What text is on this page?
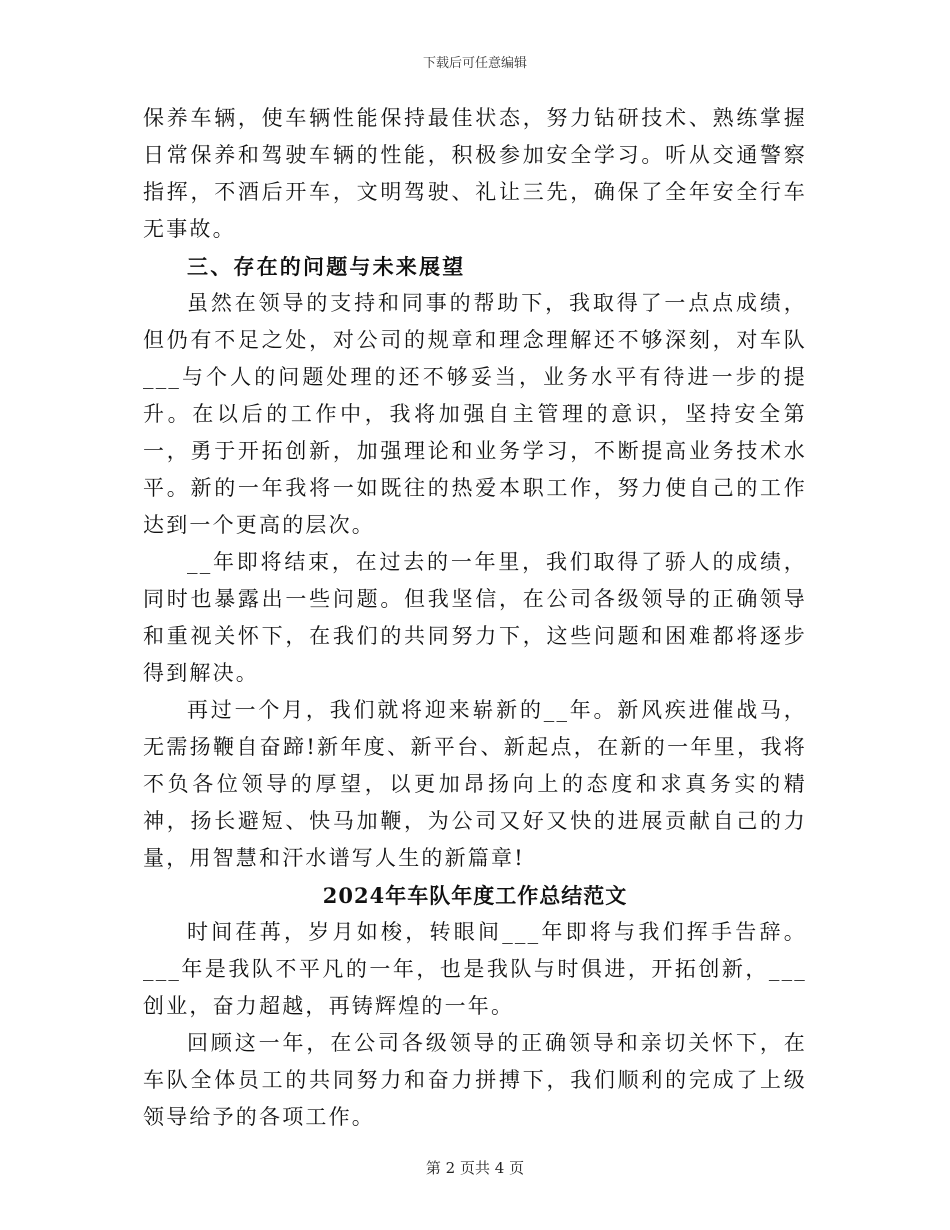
下载后可任意编辑

保养车辆，使车辆性能保持最佳状态，努力钻研技术、熟练掌握日常保养和驾驶车辆的性能，积极参加安全学习。听从交通警察指挥，不酒后开车，文明驾驶、礼让三先，确保了全年安全行车无事故。

三、存在的问题与未来展望

虽然在领导的支持和同事的帮助下，我取得了一点点成绩，但仍有不足之处，对公司的规章和理念理解还不够深刻，对车队___与个人的问题处理的还不够妥当，业务水平有待进一步的提升。在以后的工作中，我将加强自主管理的意识，坚持安全第一，勇于开拓创新，加强理论和业务学习，不断提高业务技术水平。新的一年我将一如既往的热爱本职工作，努力使自己的工作达到一个更高的层次。

__年即将结束，在过去的一年里，我们取得了骄人的成绩，同时也暴露出一些问题。但我坚信，在公司各级领导的正确领导和重视关怀下，在我们的共同努力下，这些问题和困难都将逐步得到解决。

再过一个月，我们就将迎来崭新的__年。新风疾进催战马，无需扬鞭自奋蹄!新年度、新平台、新起点，在新的一年里，我将不负各位领导的厚望，以更加昂扬向上的态度和求真务实的精神，扬长避短、快马加鞭，为公司又好又快的进展贡献自己的力量，用智慧和汗水谱写人生的新篇章!

2024年车队年度工作总结范文

时间荏苒，岁月如梭，转眼间___年即将与我们挥手告辞。___年是我队不平凡的一年，也是我队与时俱进，开拓创新，___创业，奋力超越，再铸辉煌的一年。

回顾这一年，在公司各级领导的正确领导和亲切关怀下，在车队全体员工的共同努力和奋力拼搏下，我们顺利的完成了上级领导给予的各项工作。

第 2 页共 4 页
